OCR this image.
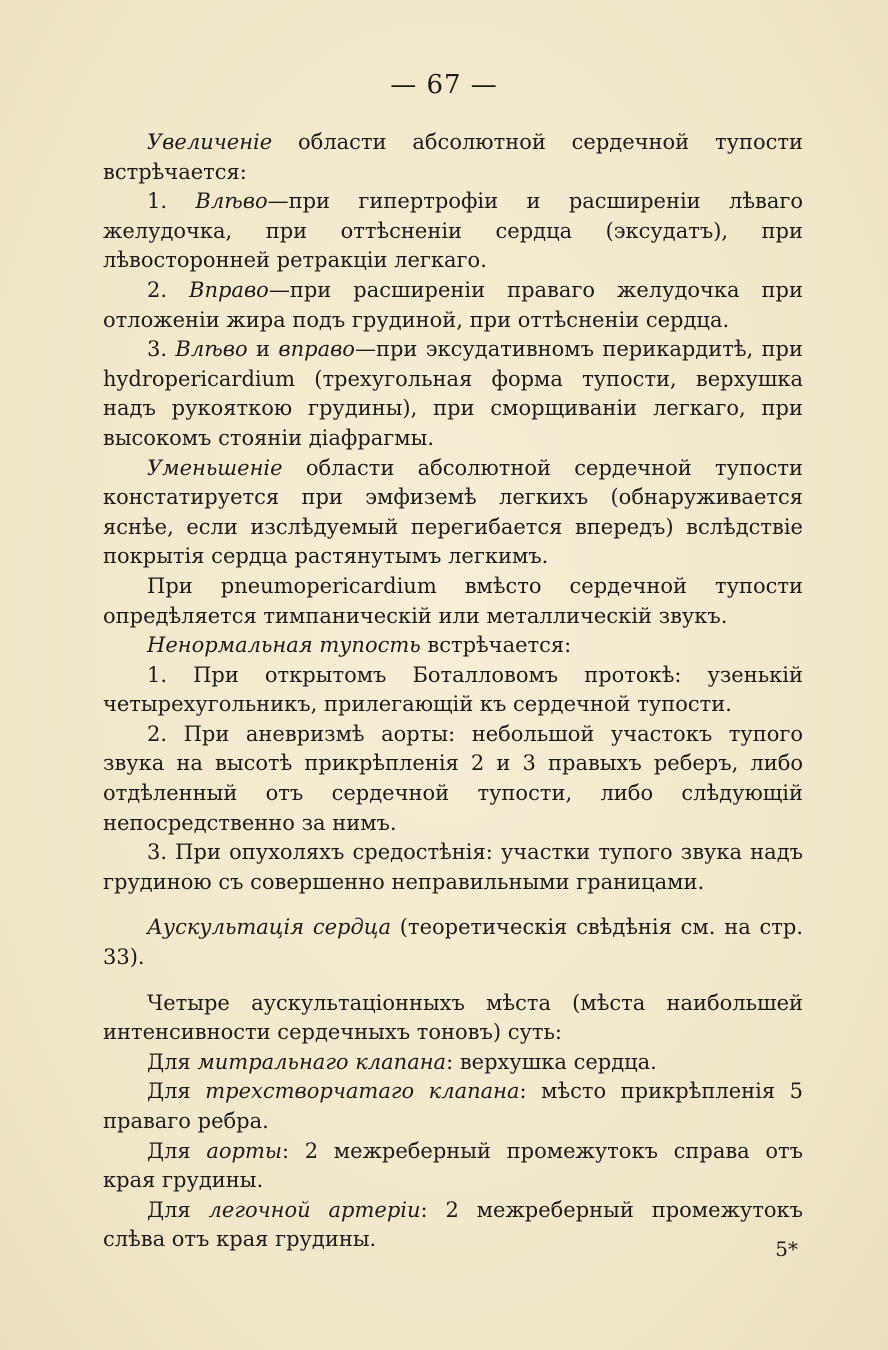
— 67 —

Увеличеніе области абсолютной сердечной тупости встрѣчается:

1. Влѣво—при гипертрофіи и расширеніи лѣваго желудочка, при оттѣсненіи сердца (эксудатъ), при лѣвосторонней ретракціи легкаго.

2. Вправо—при расширеніи праваго желудочка при отложеніи жира подъ грудиной, при оттѣсненіи сердца.

3. Влѣво и вправо—при эксудативномъ перикардитѣ, при hydropericardium (трехугольная форма тупости, верхушка надъ рукояткою грудины), при сморщиваніи легкаго, при высокомъ стояніи діафрагмы.

Уменьшеніе области абсолютной сердечной тупости констатируется при эмфиземѣ легкихъ (обнаруживается яснѣе, если изслѣдуемый перегибается впередъ) вслѣдствіе покрытія сердца растянутымъ легкимъ.

При pneumopericardium вмѣсто сердечной тупости опредѣляется тимпаническій или металлическій звукъ.

Ненормальная тупость встрѣчается:

1. При открытомъ Боталловомъ протокѣ: узенькій четырехугольникъ, прилегающій къ сердечной тупости.

2. При аневризмѣ аорты: небольшой участокъ тупого звука на высотѣ прикрѣпленія 2 и 3 правыхъ реберъ, либо отдѣленный отъ сердечной тупости, либо слѣдующій непосредственно за нимъ.

3. При опухоляхъ средостѣнія: участки тупого звука надъ грудиною съ совершенно неправильными границами.

Аускультація сердца (теоретическія свѣдѣнія см. на стр. 33).

Четыре аускультаціонныхъ мѣста (мѣста наибольшей интенсивности сердечныхъ тоновъ) суть:

Для митральнаго клапана: верхушка сердца.

Для трехстворчатаго клапана: мѣсто прикрѣпленія 5 праваго ребра.

Для аорты: 2 межреберный промежутокъ справа отъ края грудины.

Для легочной артеріи: 2 межреберный промежутокъ слѣва отъ края грудины.	5*
